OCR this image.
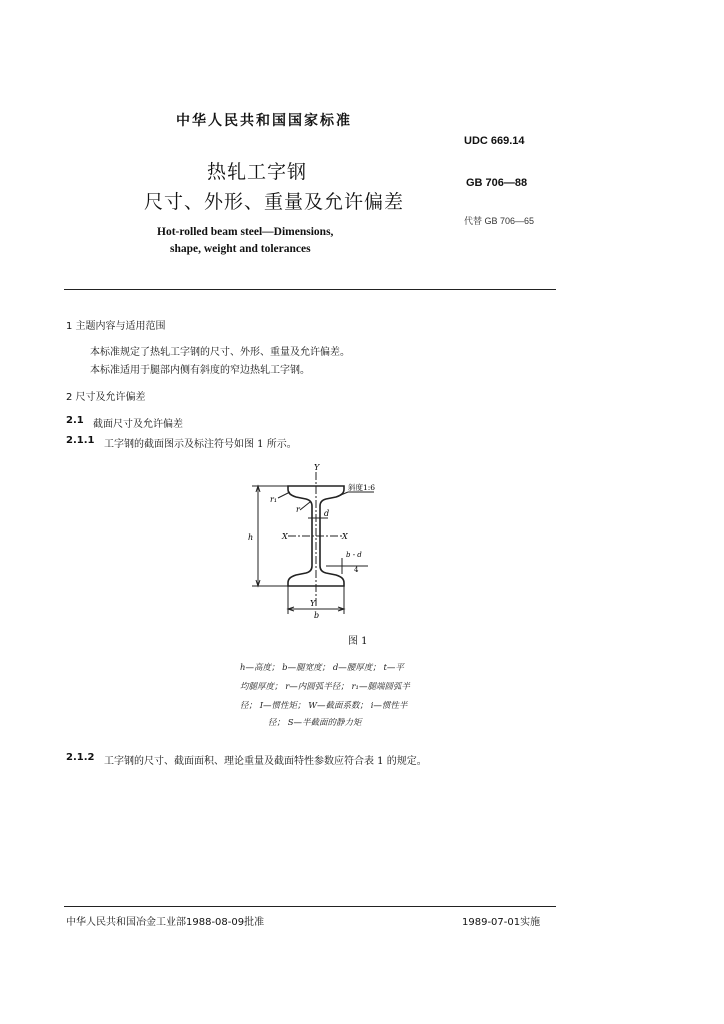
中华人民共和国国家标准
UDC 669.14
热轧工字钢	GB 706—88
尺寸、外形、重量及允许偏差
代替 GB 706—65
Hot-rolled beam steel—Dimensions,
shape, weight and tolerances
1 主题内容与适用范围
本标准规定了热轧工字钢的尺寸、外形、重量及允许偏差。
本标准适用于腿部内侧有斜度的窄边热轧工字钢。
2 尺寸及允许偏差
2.1 截面尺寸及允许偏差
2.1.1 工字钢的截面图示及标注符号如图 1 所示。
Y
Y
X	X
h
b
d
r₁
r
斜度1:6
b - d
4
图 1
h—高度； b—腿宽度； d—腰厚度； t—平
均腿厚度； r—内圆弧半径； r₁—腿端圆弧半
径； I—惯性矩； W—截面系数； i—惯性半
径； S—半截面的静力矩
2.1.2 工字钢的尺寸、截面面积、理论重量及截面特性参数应符合表 1 的规定。
中华人民共和国冶金工业部1988-08-09批准	1989-07-01实施
